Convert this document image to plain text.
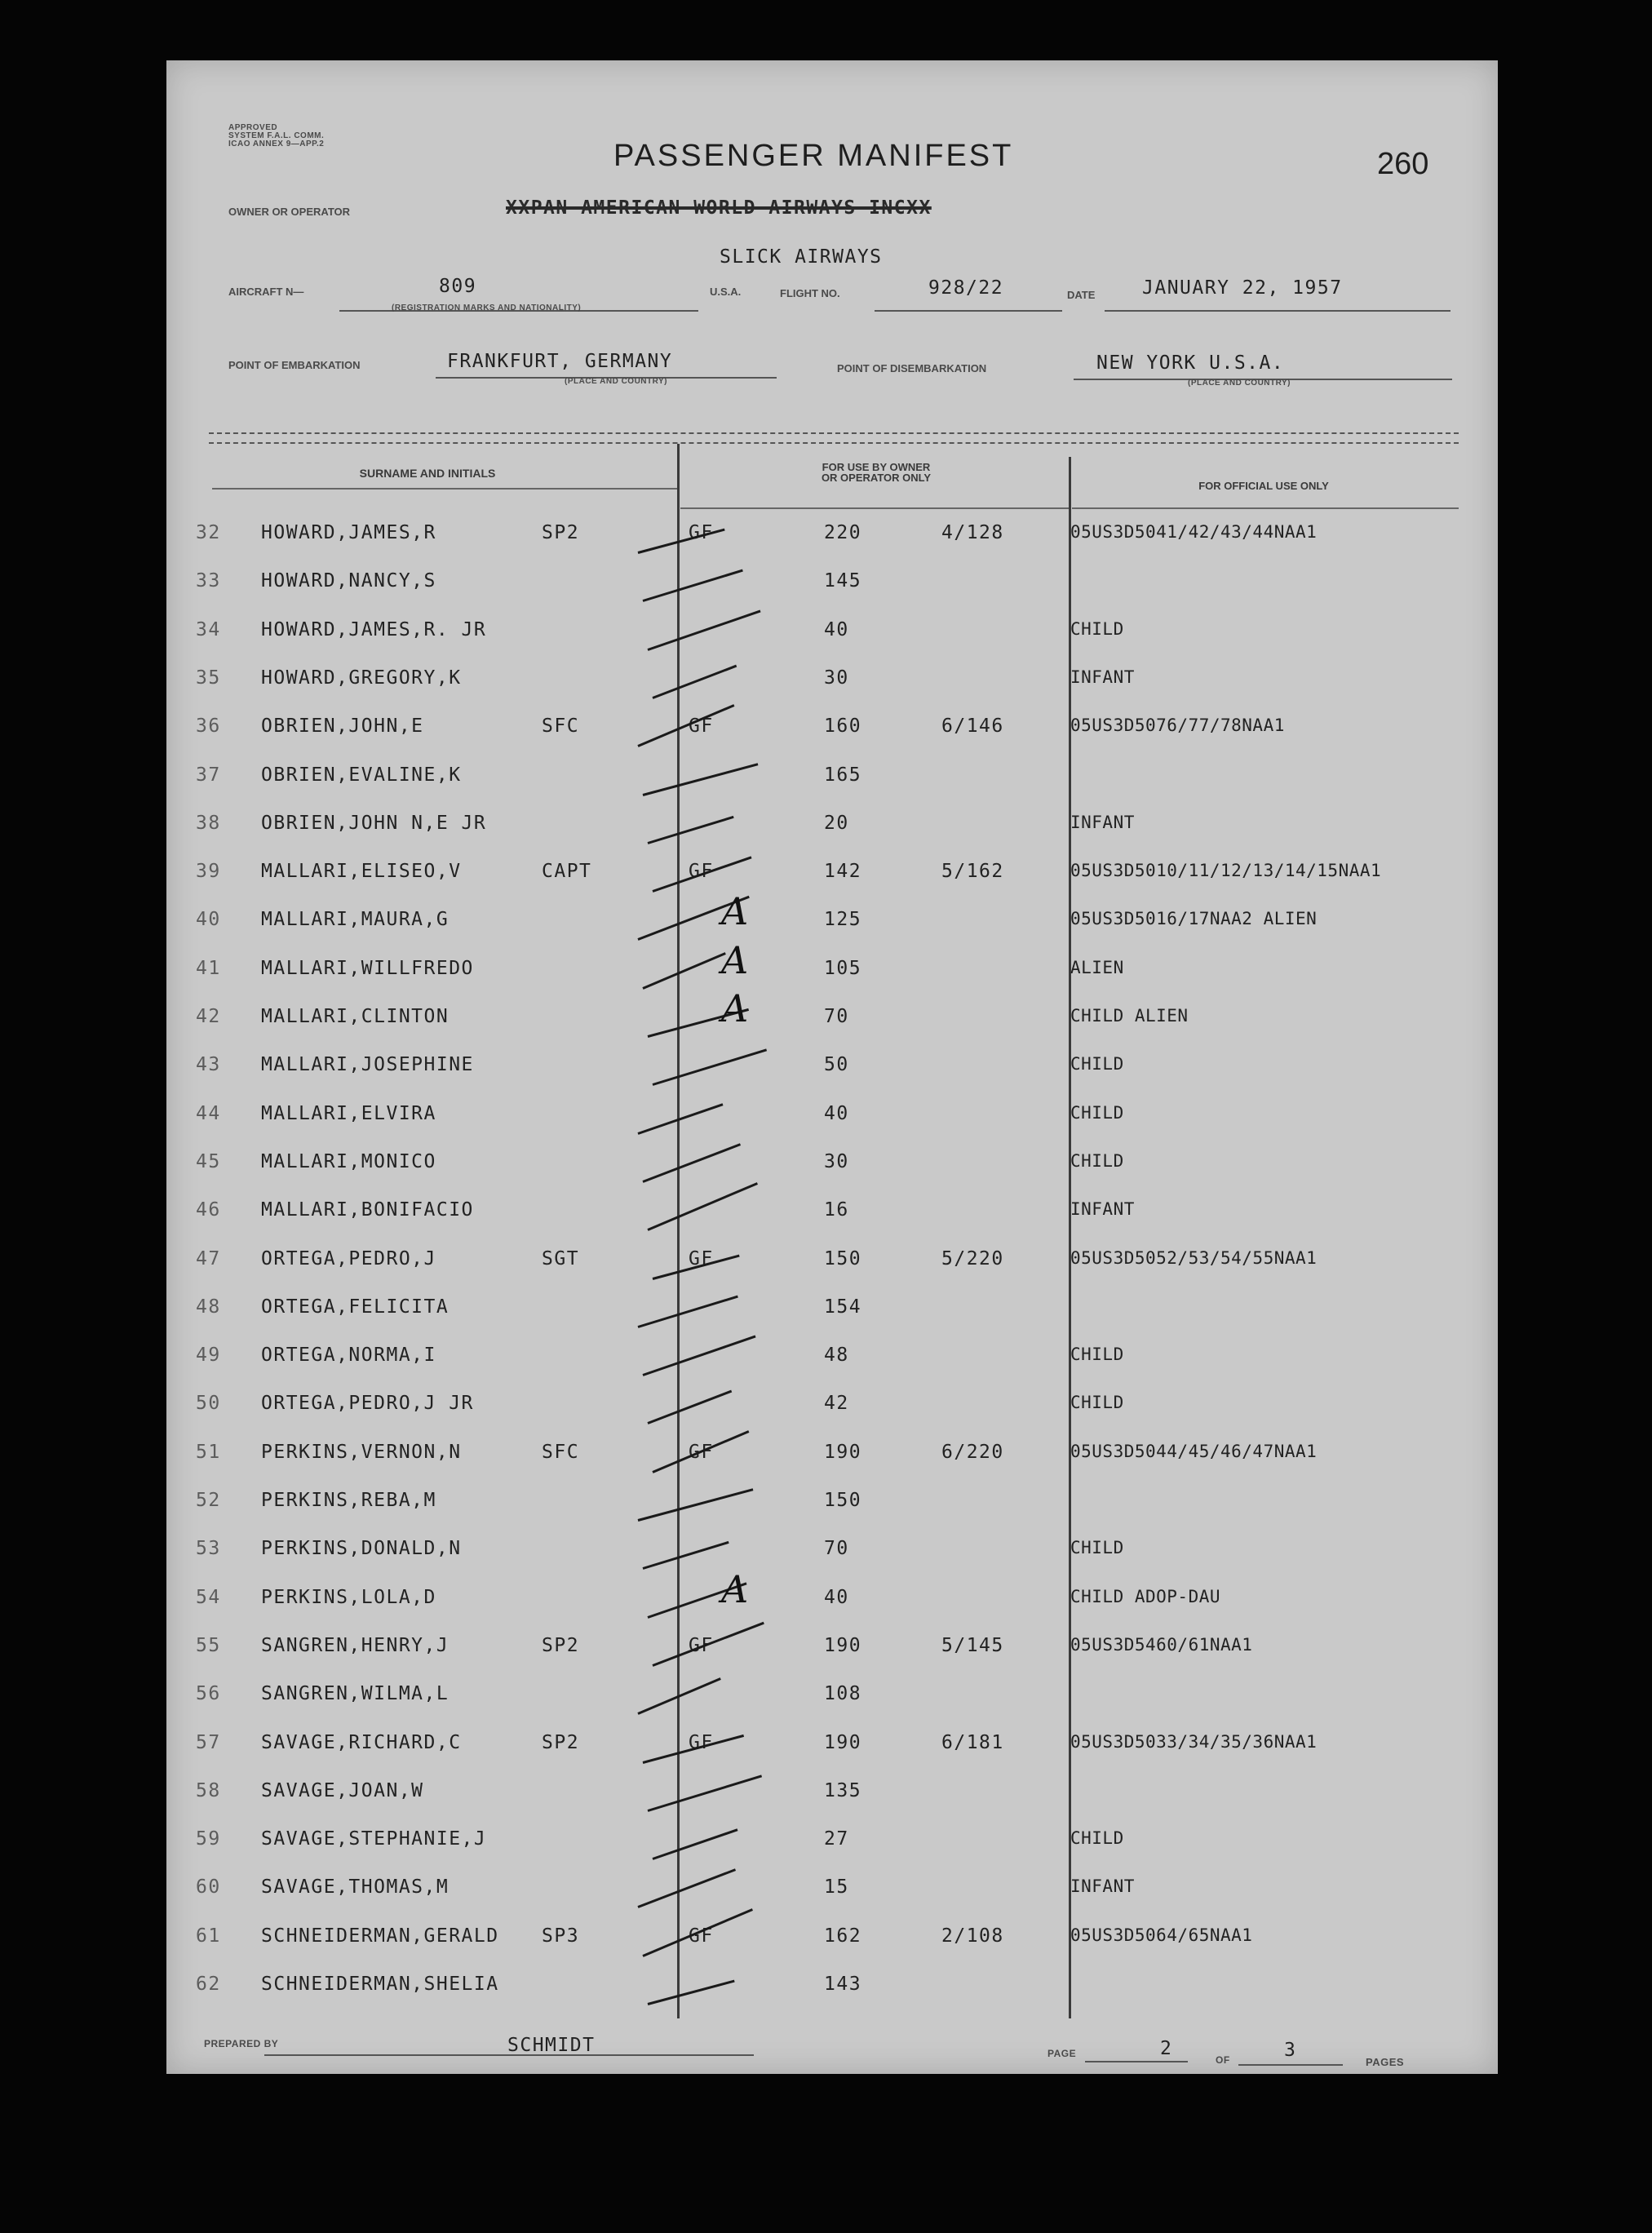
APPROVED
SYSTEM F.A.L. COMM.
ICAO ANNEX 9—APP.2	PASSENGER MANIFEST	260
OWNER OR OPERATOR	XXPAN-AMERICAN-WORLD-AIRWAYS-INCXX
SLICK AIRWAYS
AIRCRAFT N—	809
(REGISTRATION MARKS AND NATIONALITY)
U.S.A.	FLIGHT NO.	928/22	DATE	JANUARY 22, 1957
POINT OF EMBARKATION	FRANKFURT, GERMANY
(PLACE AND COUNTRY)
POINT OF DISEMBARKATION	NEW YORK U.S.A.
(PLACE AND COUNTRY)
SURNAME AND INITIALS	FOR USE BY OWNER
OR OPERATOR ONLY
FOR OFFICIAL USE ONLY
32 HOWARD,JAMES,R	SP2	GF	220	4/128	05US3D5041/42/43/44NAA1
33 HOWARD,NANCY,S	145
34 HOWARD,JAMES,R. JR	40	CHILD
35 HOWARD,GREGORY,K	30	INFANT
36 OBRIEN,JOHN,E	SFC	GF	160	6/146	05US3D5076/77/78NAA1
37 OBRIEN,EVALINE,K	165
38 OBRIEN,JOHN N,E JR	20	INFANT
39 MALLARI,ELISEO,V	CAPT	GF	142	5/162	05US3D5010/11/12/13/14/15NAA1
40 MALLARI,MAURA,G	125	05US3D5016/17NAA2 ALIEN
A
41 MALLARI,WILLFREDO	105	ALIEN
A
42 MALLARI,CLINTON	70	CHILD ALIEN
A
43 MALLARI,JOSEPHINE	50	CHILD
44 MALLARI,ELVIRA	40	CHILD
45 MALLARI,MONICO	30	CHILD
46 MALLARI,BONIFACIO	16	INFANT
47 ORTEGA,PEDRO,J	SGT	GF	150	5/220	05US3D5052/53/54/55NAA1
48 ORTEGA,FELICITA	154
49 ORTEGA,NORMA,I	48	CHILD
50 ORTEGA,PEDRO,J JR	42	CHILD
51 PERKINS,VERNON,N	SFC	GF	190	6/220	05US3D5044/45/46/47NAA1
52 PERKINS,REBA,M	150
53 PERKINS,DONALD,N	70	CHILD
54 PERKINS,LOLA,D	40	CHILD ADOP-DAU
A
55 SANGREN,HENRY,J	SP2	GF	190	5/145	05US3D5460/61NAA1
56 SANGREN,WILMA,L	108
57 SAVAGE,RICHARD,C	SP2	GF	190	6/181	05US3D5033/34/35/36NAA1
58 SAVAGE,JOAN,W	135
59 SAVAGE,STEPHANIE,J	27	CHILD
60 SAVAGE,THOMAS,M	15	INFANT
61 SCHNEIDERMAN,GERALD SP3	GF	162	2/108	05US3D5064/65NAA1
62 SCHNEIDERMAN,SHELIA	143
PREPARED BY	SCHMIDT	PAGE	2
OF	3
PAGES
